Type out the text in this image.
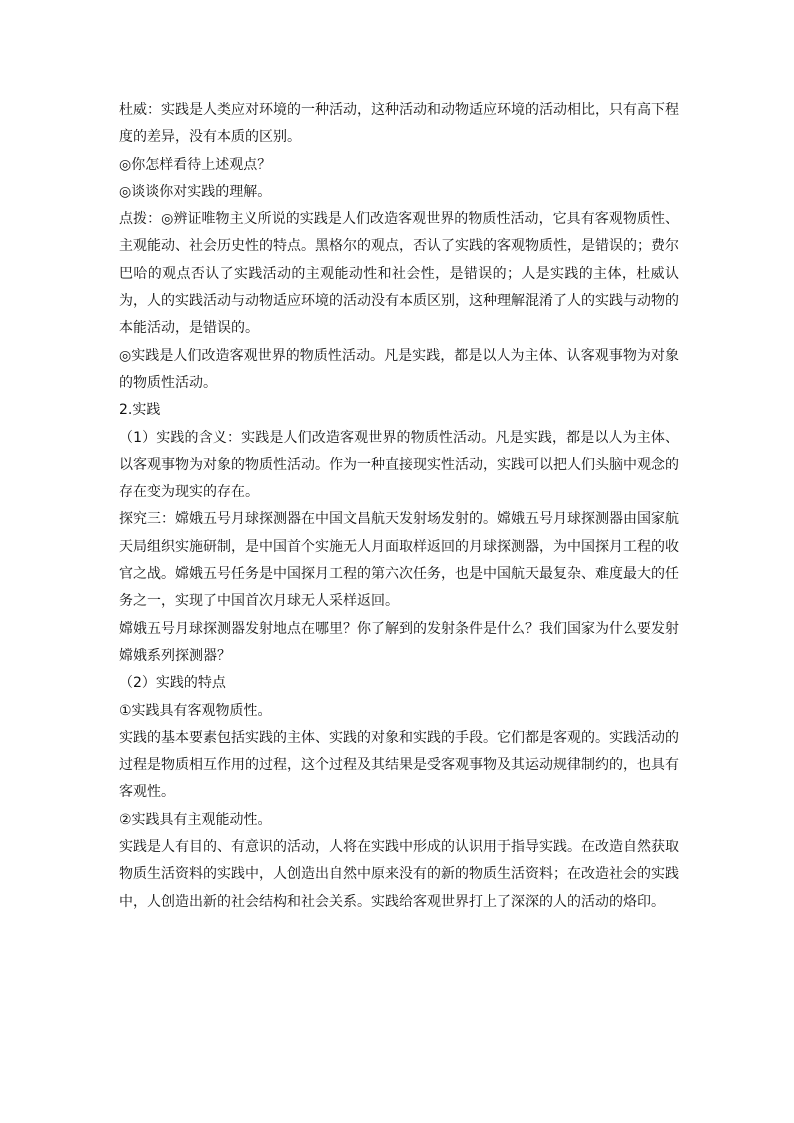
杜威：实践是人类应对环境的一种活动，这种活动和动物适应环境的活动相比，只有高下程度的差异，没有本质的区别。

◎你怎样看待上述观点？

◎谈谈你对实践的理解。

点拨：◎辨证唯物主义所说的实践是人们改造客观世界的物质性活动，它具有客观物质性、主观能动、社会历史性的特点。黑格尔的观点，否认了实践的客观物质性，是错误的；费尔巴哈的观点否认了实践活动的主观能动性和社会性，是错误的；人是实践的主体，杜威认为，人的实践活动与动物适应环境的活动没有本质区别，这种理解混淆了人的实践与动物的本能活动，是错误的。

◎实践是人们改造客观世界的物质性活动。凡是实践，都是以人为主体、认客观事物为对象的物质性活动。

2.实践

（1）实践的含义：实践是人们改造客观世界的物质性活动。凡是实践，都是以人为主体、以客观事物为对象的物质性活动。作为一种直接现实性活动，实践可以把人们头脑中观念的存在变为现实的存在。

探究三：嫦娥五号月球探测器在中国文昌航天发射场发射的。嫦娥五号月球探测器由国家航天局组织实施研制，是中国首个实施无人月面取样返回的月球探测器，为中国探月工程的收官之战。嫦娥五号任务是中国探月工程的第六次任务，也是中国航天最复杂、难度最大的任务之一，实现了中国首次月球无人采样返回。

嫦娥五号月球探测器发射地点在哪里？你了解到的发射条件是什么？我们国家为什么要发射嫦娥系列探测器？

（2）实践的特点

①实践具有客观物质性。

实践的基本要素包括实践的主体、实践的对象和实践的手段。它们都是客观的。实践活动的过程是物质相互作用的过程，这个过程及其结果是受客观事物及其运动规律制约的，也具有客观性。

②实践具有主观能动性。

实践是人有目的、有意识的活动，人将在实践中形成的认识用于指导实践。在改造自然获取物质生活资料的实践中，人创造出自然中原来没有的新的物质生活资料；在改造社会的实践中，人创造出新的社会结构和社会关系。实践给客观世界打上了深深的人的活动的烙印。
